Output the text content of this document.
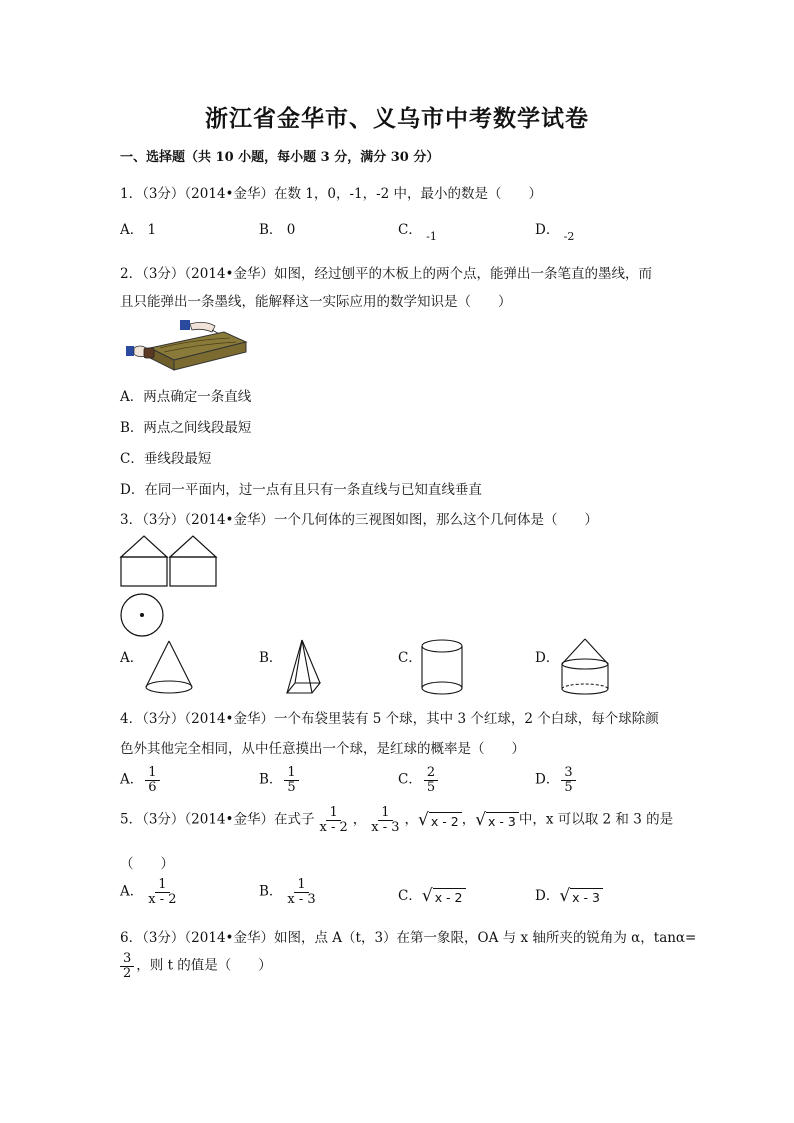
浙江省金华市、义乌市中考数学试卷
一、选择题（共 10 小题，每小题 3 分，满分 30 分）
1．（3分）（2014•金华）在数 1，0，-1，-2 中，最小的数是（　　）
A． 1	B． 0	C． $_{-1}$	D． $_{-2}$
2．（3分）（2014•金华）如图，经过刨平的木板上的两个点，能弹出一条笔直的墨线，而
且只能弹出一条墨线，能解释这一实际应用的数学知识是（　　）
A．两点确定一条直线
B．两点之间线段最短
C．垂线段最短
D．在同一平面内，过一点有且只有一条直线与已知直线垂直
3．（3分）（2014•金华）一个几何体的三视图如图，那么这个几何体是（　　）
A．	B．	C．	D．
4．（3分）（2014•金华）一个布袋里装有 5 个球，其中 3 个红球，2 个白球，每个球除颜
色外其他完全相同，从中任意摸出一个球，是红球的概率是（　　）
A． $\frac{1}{6}$	B． $\frac{1}{5}$	C． $\frac{2}{5}$	D． $\frac{3}{5}$
5．（3分）（2014•金华）在式子 $\frac{1}{x - 2}$ ， $\frac{1}{x - 3}$ ， √ x - 2 ， √ x - 3 中，x 可以取 2 和 3 的是
（　　）
A． $\frac{1}{x - 2}$	B． $\frac{1}{x - 3}$	C． √ x - 2	D． √ x - 3
6．（3分）（2014•金华）如图，点 A（t，3）在第一象限，OA 与 x 轴所夹的锐角为 α，tanα=
$\frac{3}{2}$ ，则 t 的值是（　　）
